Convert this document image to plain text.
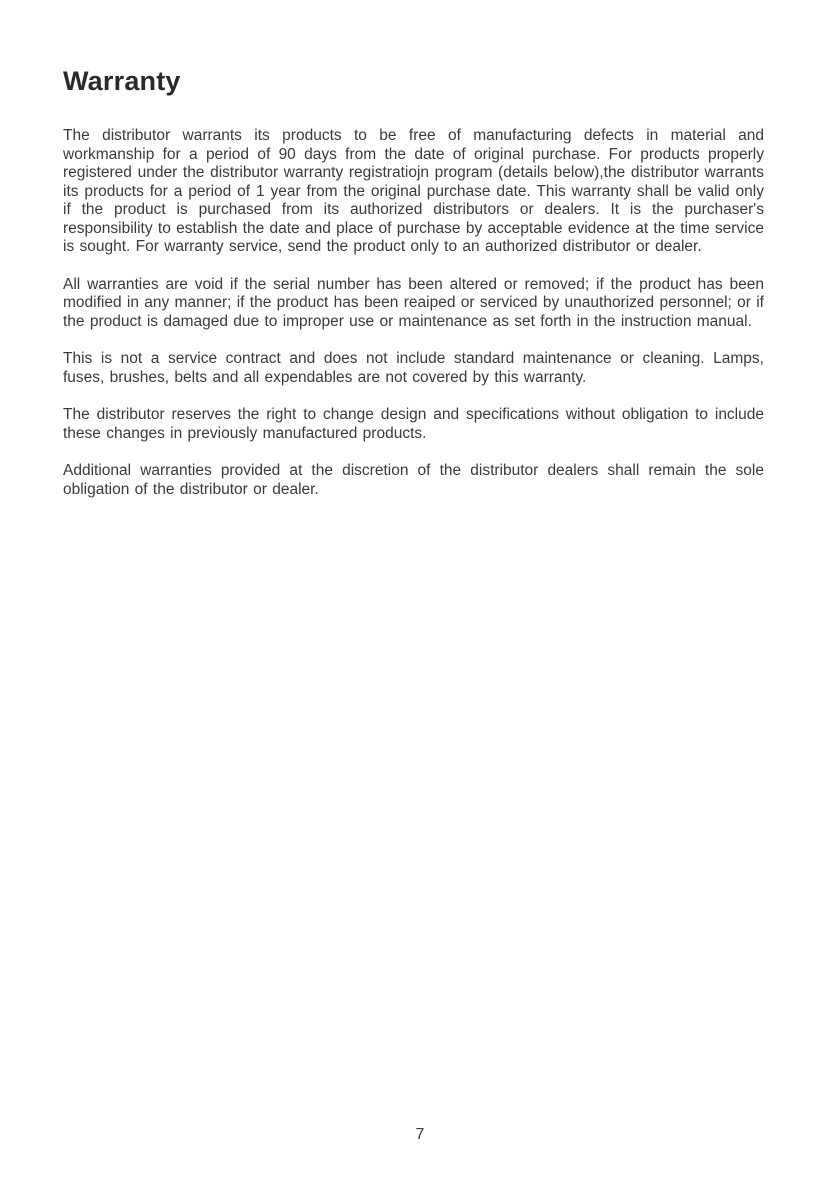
Warranty

The distributor warrants its products to be free of manufacturing defects in material and workmanship for a period of 90 days from the date of original purchase. For products properly registered under the distributor warranty registratiojn program (details below),the distributor warrants its products for a period of 1 year from the original purchase date. This warranty shall be valid only if the product is purchased from its authorized distributors or dealers. It is the purchaser's responsibility to establish the date and place of purchase by acceptable evidence at the time service is sought. For warranty service, send the product only to an authorized distributor or dealer.

All warranties are void if the serial number has been altered or removed; if the product has been modified in any manner; if the product has been reaiped or serviced by unauthorized personnel; or if the product is damaged due to improper use or maintenance as set forth in the instruction manual.

This is not a service contract and does not include standard maintenance or cleaning. Lamps, fuses, brushes, belts and all expendables are not covered by this warranty.

The distributor reserves the right to change design and specifications without obligation to include these changes in previously manufactured products.

Additional warranties provided at the discretion of the distributor dealers shall remain the sole obligation of the distributor or dealer.

7
